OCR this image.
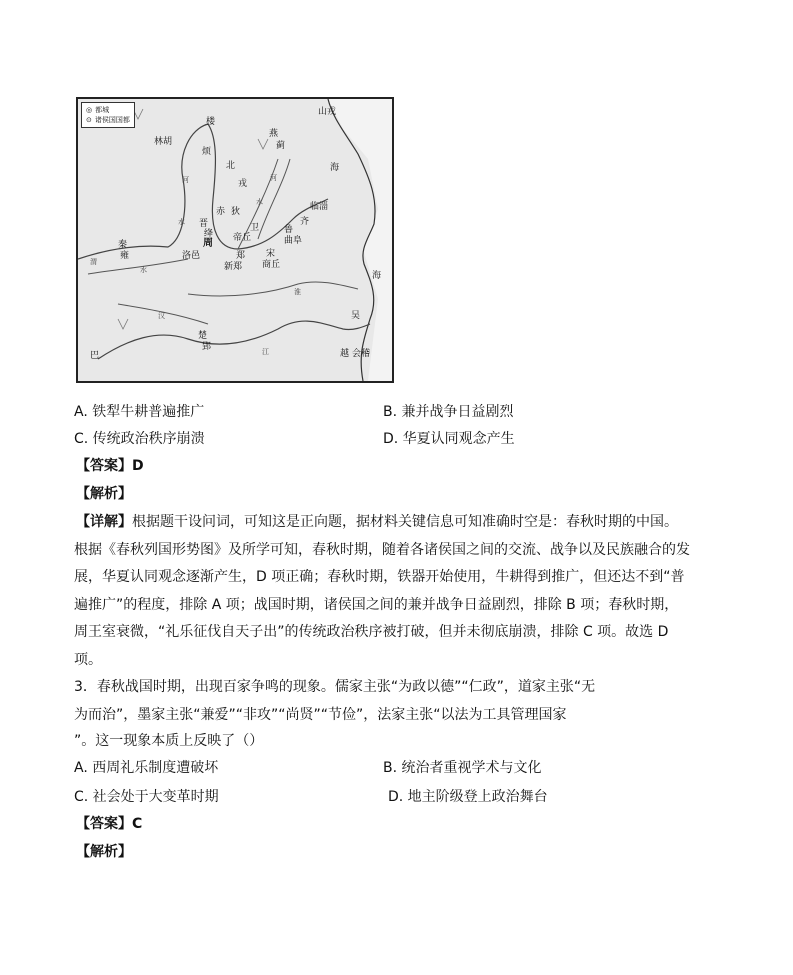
◎ 都城
⊙ 诸侯国国都
山戎
楼
林胡
烦
燕
蓟
北
戎
赤 狄	临淄
齐
晋
绛
卫
帝丘
鲁
曲阜
秦
雍
周
洛邑	郑
新郑
宋
商丘
楚
郢
巴
吴
越 会稽
海
海
河	河
水
水
水
江
汉
淮
渭
A. 铁犁牛耕普遍推广	B. 兼并战争日益剧烈
C. 传统政治秩序崩溃	D. 华夏认同观念产生
【答案】D
【解析】
【详解】根据题干设问词，可知这是正向题，据材料关键信息可知准确时空是：春秋时期的中国。
根据《春秋列国形势图》及所学可知，春秋时期，随着各诸侯国之间的交流、战争以及民族融合的发
展，华夏认同观念逐渐产生，D 项正确；春秋时期，铁器开始使用，牛耕得到推广，但还达不到“普
遍推广”的程度，排除 A 项；战国时期，诸侯国之间的兼并战争日益剧烈，排除 B 项；春秋时期，
周王室衰微，“礼乐征伐自天子出”的传统政治秩序被打破，但并未彻底崩溃，排除 C 项。故选 D
项。
3．春秋战国时期，出现百家争鸣的现象。儒家主张“为政以德”“仁政”，道家主张“无
为而治”，墨家主张“兼爱”“非攻”“尚贤”“节俭”，法家主张“以法为工具管理国家
”。这一现象本质上反映了（）
A. 西周礼乐制度遭破坏	B. 统治者重视学术与文化
C. 社会处于大变革时期	D. 地主阶级登上政治舞台
【答案】C
【解析】
